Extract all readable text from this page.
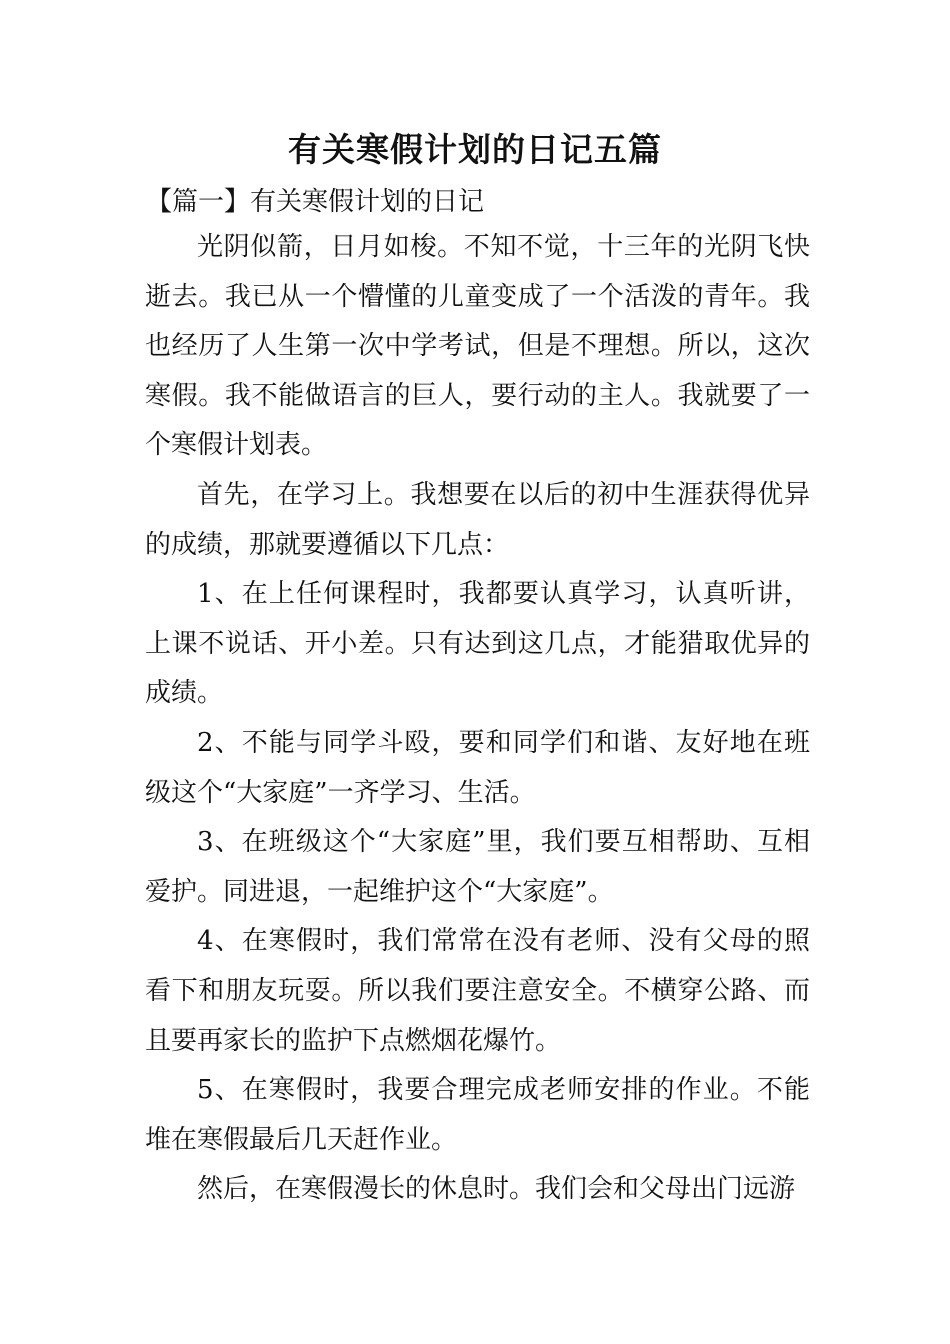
有关寒假计划的日记五篇
【篇一】有关寒假计划的日记

光阴似箭，日月如梭。不知不觉，十三年的光阴飞快逝去。我已从一个懵懂的儿童变成了一个活泼的青年。我也经历了人生第一次中学考试，但是不理想。所以，这次寒假。我不能做语言的巨人，要行动的主人。我就要了一个寒假计划表。

首先，在学习上。我想要在以后的初中生涯获得优异的成绩，那就要遵循以下几点：

1、在上任何课程时，我都要认真学习，认真听讲，上课不说话、开小差。只有达到这几点，才能猎取优异的成绩。

2、不能与同学斗殴，要和同学们和谐、友好地在班级这个“大家庭”一齐学习、生活。

3、在班级这个“大家庭”里，我们要互相帮助、互相爱护。同进退，一起维护这个“大家庭”。

4、在寒假时，我们常常在没有老师、没有父母的照看下和朋友玩耍。所以我们要注意安全。不横穿公路、而且要再家长的监护下点燃烟花爆竹。

5、在寒假时，我要合理完成老师安排的作业。不能堆在寒假最后几天赶作业。

然后，在寒假漫长的休息时。我们会和父母出门远游
